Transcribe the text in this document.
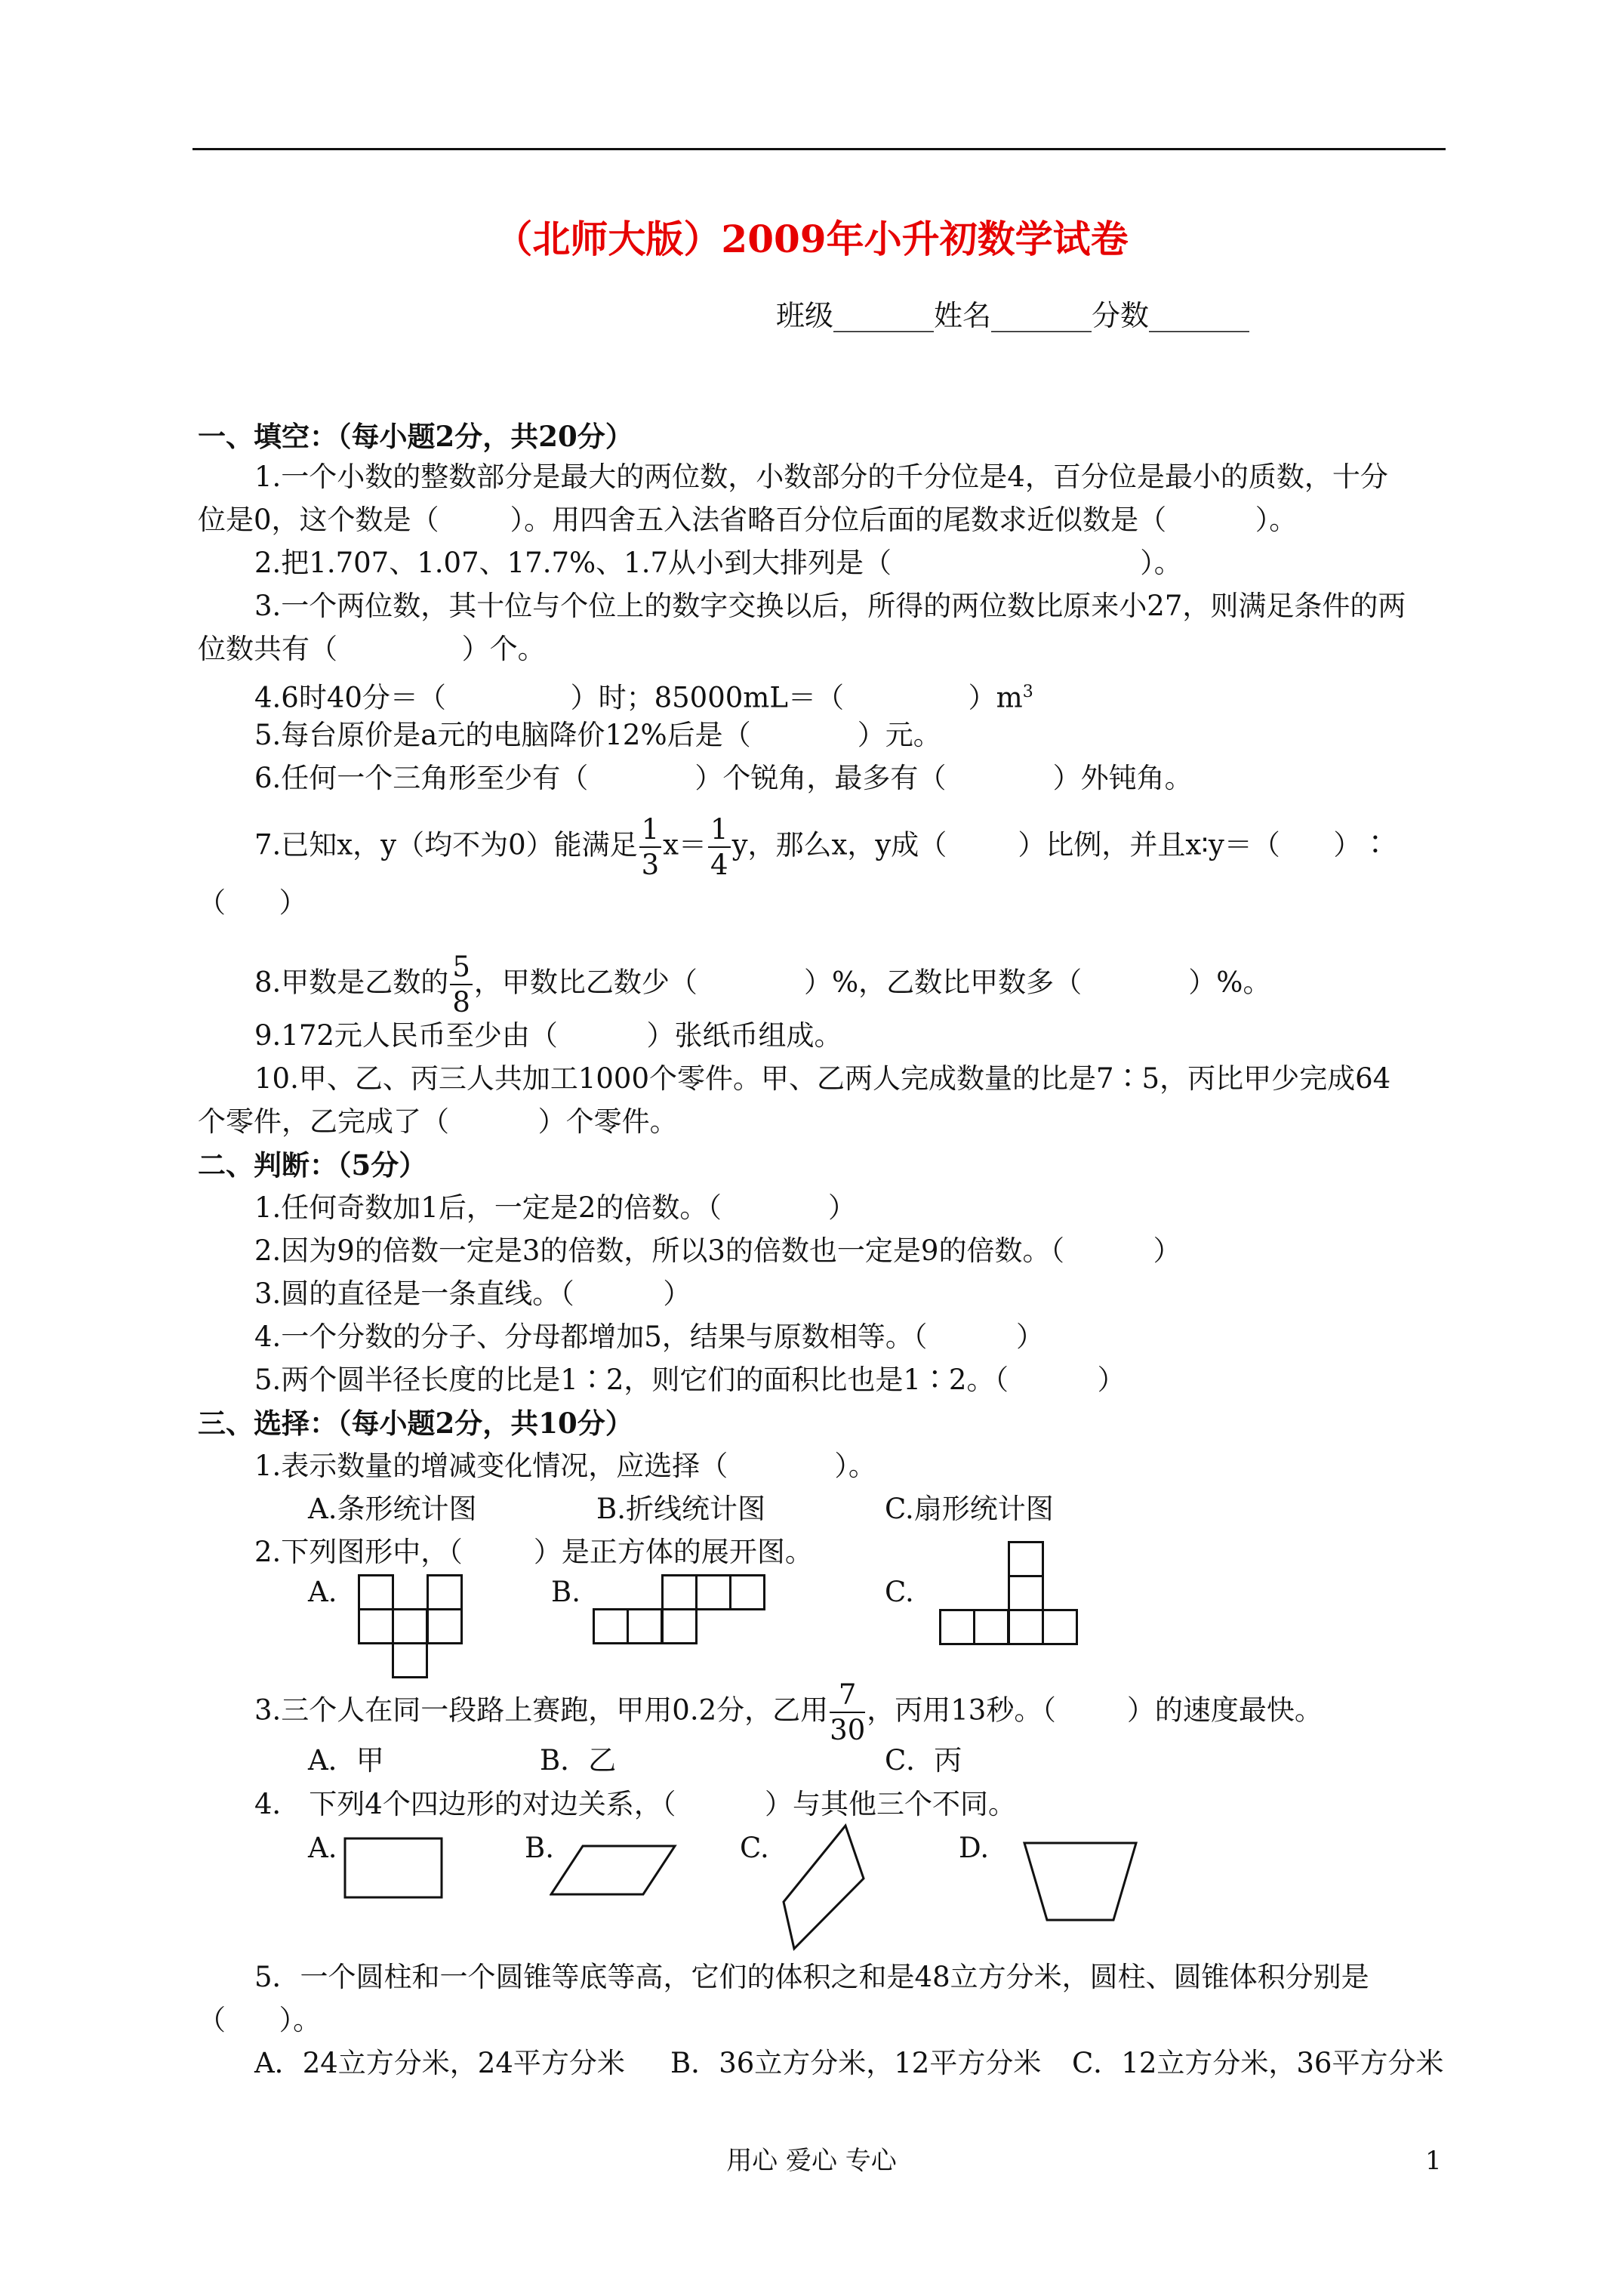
（北师大版）2009年小升初数学试卷
班级_______姓名_______分数_______
一、填空：（每小题2分，共20分）
1.一个小数的整数部分是最大的两位数，小数部分的千分位是4，百分位是最小的质数，十分
位是0，这个数是（        ）。用四舍五入法省略百分位后面的尾数求近似数是（          ）。
2.把1.707、1.07、17.7%、1.7从小到大排列是（                            ）。
3.一个两位数，其十位与个位上的数字交换以后，所得的两位数比原来小27，则满足条件的两
位数共有（              ）个。
4.6时40分＝（              ）时；85000mL＝（              ）$m^3$
5.每台原价是a元的电脑降价12%后是（            ）元。
6.任何一个三角形至少有（            ）个锐角，最多有（            ）外钝角。
7.已知x，y（均不为0）能满足 $\frac{1}{3} x= \frac{1}{4}$ y，那么x，y成（        ）比例，并且x∶y＝（      ）∶
（      ）
8.甲数是乙数的 $\frac{5}{8}$ ，甲数比乙数少（            ）%，乙数比甲数多（            ）%。
9.172元人民币至少由（          ）张纸币组成。
10.甲、乙、丙三人共加工1000个零件。甲、乙两人完成数量的比是7∶5，丙比甲少完成64
个零件，乙完成了（          ）个零件。
二、判断：（5分）
1.任何奇数加1后，一定是2的倍数。（            ）
2.因为9的倍数一定是3的倍数，所以3的倍数也一定是9的倍数。（          ）
3.圆的直径是一条直线。（          ）
4.一个分数的分子、分母都增加5，结果与原数相等。（          ）
5.两个圆半径长度的比是1∶2，则它们的面积比也是1∶2。（          ）
三、选择：（每小题2分，共10分）
1.表示数量的增减变化情况，应选择（            ）。
A.条形统计图	B.折线统计图	C.扇形统计图
2.下列图形中，（        ）是正方体的展开图。
A.	B.	C.
3.三个人在同一段路上赛跑，甲用0.2分，乙用 $\frac{7}{30}$ ，丙用13秒。（        ）的速度最快。
A．甲	B．乙	C．丙
4． 下列4个四边形的对边关系，（          ）与其他三个不同。
A.	B.	C.	D.
5．一个圆柱和一个圆锥等底等高，它们的体积之和是48立方分米，圆柱、圆锥体积分别是
（      ）。
A．24立方分米，24平方分米 B．36立方分米，12平方分米 C．12立方分米，36平方分米
用心 爱心 专心	1
